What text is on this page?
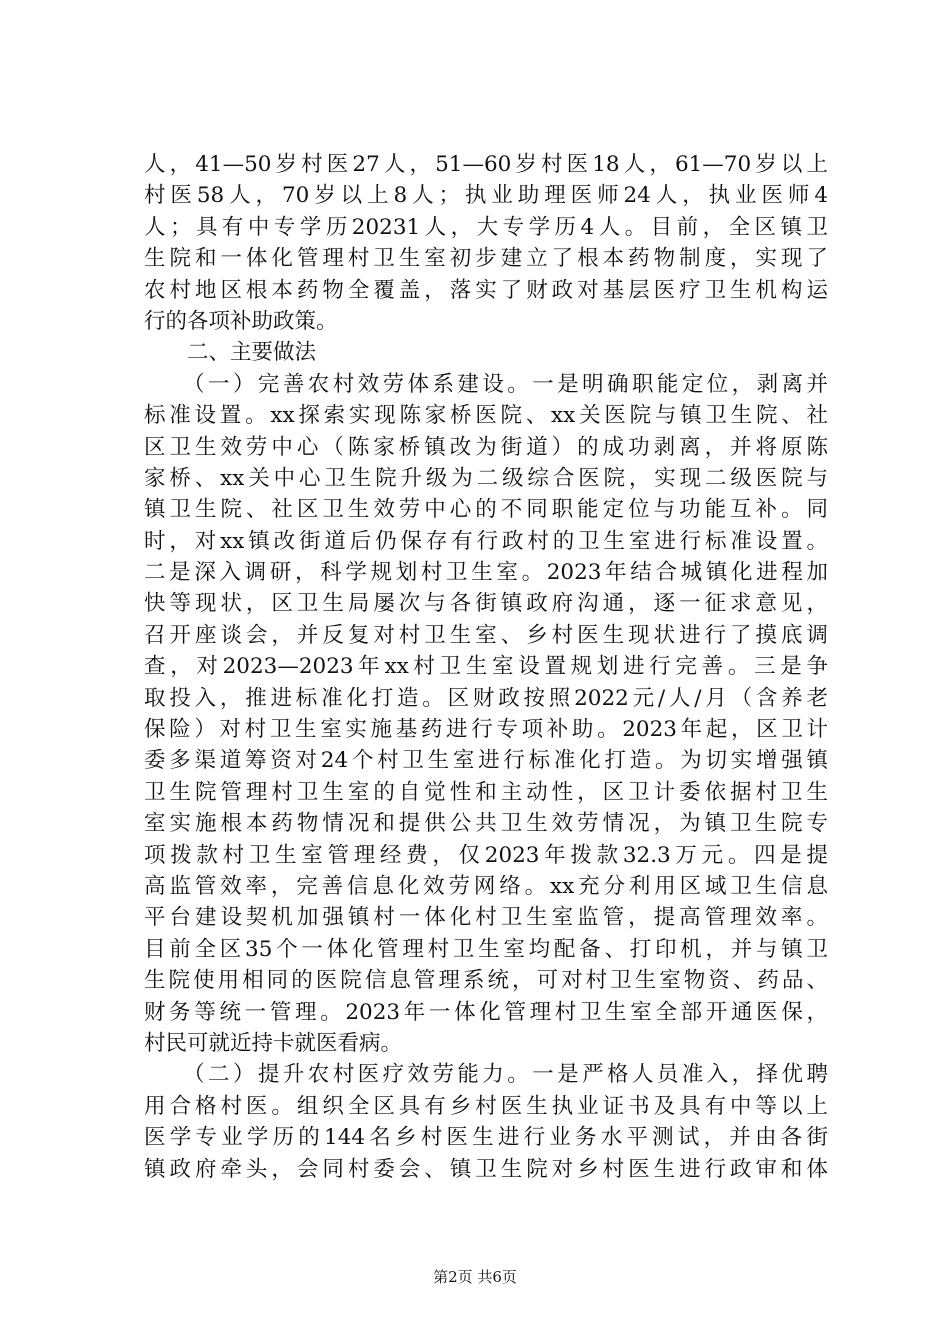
人，41—50岁村医27人，51—60岁村医18人，61—70岁以上
村医58人，70岁以上8人；执业助理医师24人，执业医师4
人；具有中专学历20231人，大专学历4人。目前，全区镇卫
生院和一体化管理村卫生室初步建立了根本药物制度，实现了
农村地区根本药物全覆盖，落实了财政对基层医疗卫生机构运
行的各项补助政策。
　　二、主要做法
　　（一）完善农村效劳体系建设。一是明确职能定位，剥离并
标准设置。xx探索实现陈家桥医院、xx关医院与镇卫生院、社
区卫生效劳中心（陈家桥镇改为街道）的成功剥离，并将原陈
家桥、xx关中心卫生院升级为二级综合医院，实现二级医院与
镇卫生院、社区卫生效劳中心的不同职能定位与功能互补。同
时，对xx镇改街道后仍保存有行政村的卫生室进行标准设置。
二是深入调研，科学规划村卫生室。2023年结合城镇化进程加
快等现状，区卫生局屡次与各街镇政府沟通，逐一征求意见，
召开座谈会，并反复对村卫生室、乡村医生现状进行了摸底调
查，对2023—2023年xx村卫生室设置规划进行完善。三是争
取投入，推进标准化打造。区财政按照2022元/人/月（含养老
保险）对村卫生室实施基药进行专项补助。2023年起，区卫计
委多渠道筹资对24个村卫生室进行标准化打造。为切实增强镇
卫生院管理村卫生室的自觉性和主动性，区卫计委依据村卫生
室实施根本药物情况和提供公共卫生效劳情况，为镇卫生院专
项拨款村卫生室管理经费，仅2023年拨款32.3万元。四是提
高监管效率，完善信息化效劳网络。xx充分利用区域卫生信息
平台建设契机加强镇村一体化村卫生室监管，提高管理效率。
目前全区35个一体化管理村卫生室均配备、打印机，并与镇卫
生院使用相同的医院信息管理系统，可对村卫生室物资、药品、
财务等统一管理。2023年一体化管理村卫生室全部开通医保，
村民可就近持卡就医看病。
　　（二）提升农村医疗效劳能力。一是严格人员准入，择优聘
用合格村医。组织全区具有乡村医生执业证书及具有中等以上
医学专业学历的144名乡村医生进行业务水平测试，并由各街
镇政府牵头，会同村委会、镇卫生院对乡村医生进行政审和体
第2页 共6页
